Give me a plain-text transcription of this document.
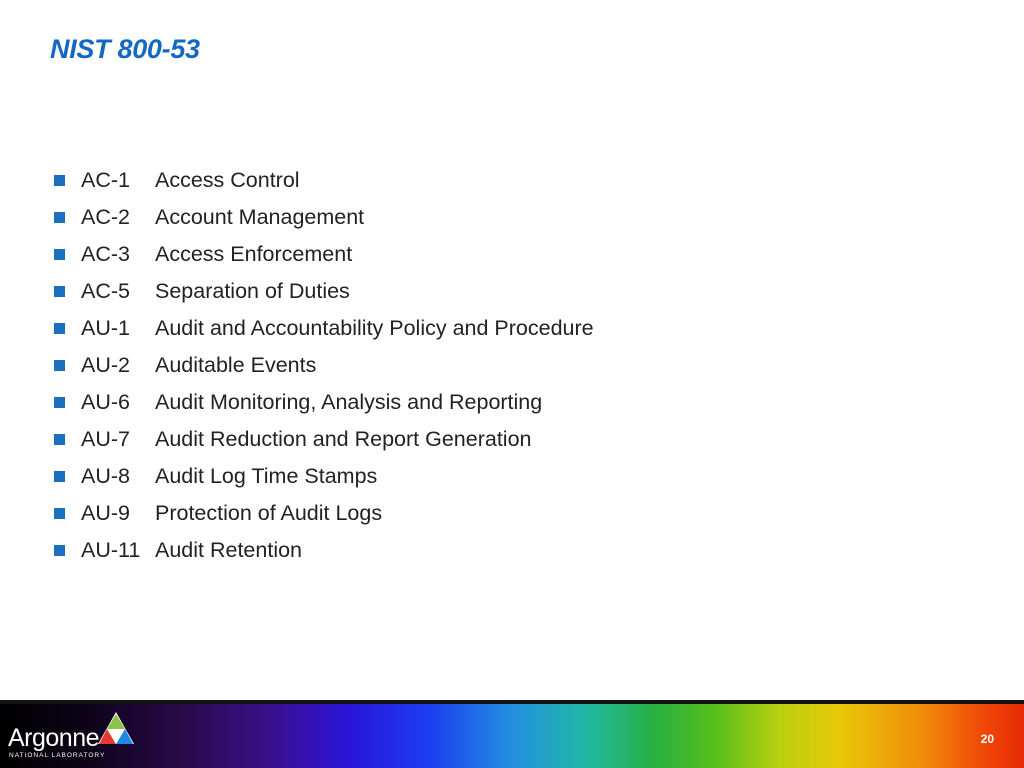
NIST 800-53
AC-1	Access Control
AC-2	Account Management
AC-3	Access Enforcement
AC-5	Separation of Duties
AU-1	Audit and Accountability Policy and Procedure
AU-2	Auditable Events
AU-6	Audit Monitoring, Analysis and Reporting
AU-7	Audit Reduction and Report Generation
AU-8	Audit Log Time Stamps
AU-9	Protection of Audit Logs
AU-11 Audit Retention
Argonne
NATIONAL LABORATORY
20
